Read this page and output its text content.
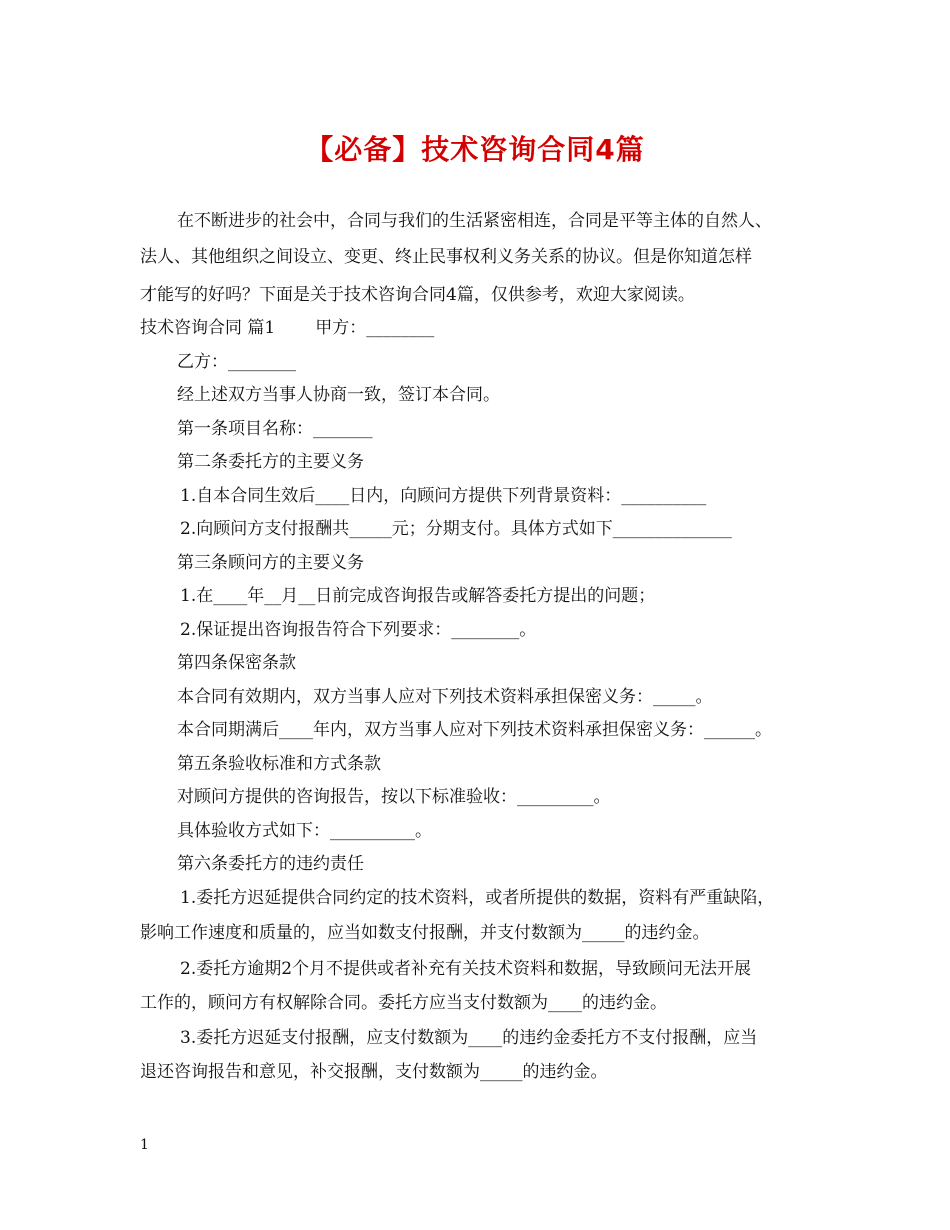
【必备】技术咨询合同4篇
在不断进步的社会中，合同与我们的生活紧密相连，合同是平等主体的自然人、
法人、其他组织之间设立、变更、终止民事权利义务关系的协议。但是你知道怎样
才能写的好吗？下面是关于技术咨询合同4篇，仅供参考，欢迎大家阅读。
技术咨询合同 篇1 甲方：________
乙方：________
经上述双方当事人协商一致，签订本合同。
第一条项目名称：_______
第二条委托方的主要义务
1.自本合同生效后____日内，向顾问方提供下列背景资料：__________
2.向顾问方支付报酬共_____元；分期支付。具体方式如下______________
第三条顾问方的主要义务
1.在____年__月__日前完成咨询报告或解答委托方提出的问题；
2.保证提出咨询报告符合下列要求：________。
第四条保密条款
本合同有效期内，双方当事人应对下列技术资料承担保密义务：_____。
本合同期满后____年内，双方当事人应对下列技术资料承担保密义务：______。
第五条验收标准和方式条款
对顾问方提供的咨询报告，按以下标准验收：_________。
具体验收方式如下：__________。
第六条委托方的违约责任
1.委托方迟延提供合同约定的技术资料，或者所提供的数据，资料有严重缺陷，
影响工作速度和质量的，应当如数支付报酬，并支付数额为_____的违约金。
2.委托方逾期2个月不提供或者补充有关技术资料和数据，导致顾问无法开展
工作的，顾问方有权解除合同。委托方应当支付数额为____的违约金。
3.委托方迟延支付报酬，应支付数额为____的违约金委托方不支付报酬，应当
退还咨询报告和意见，补交报酬，支付数额为_____的违约金。
1
